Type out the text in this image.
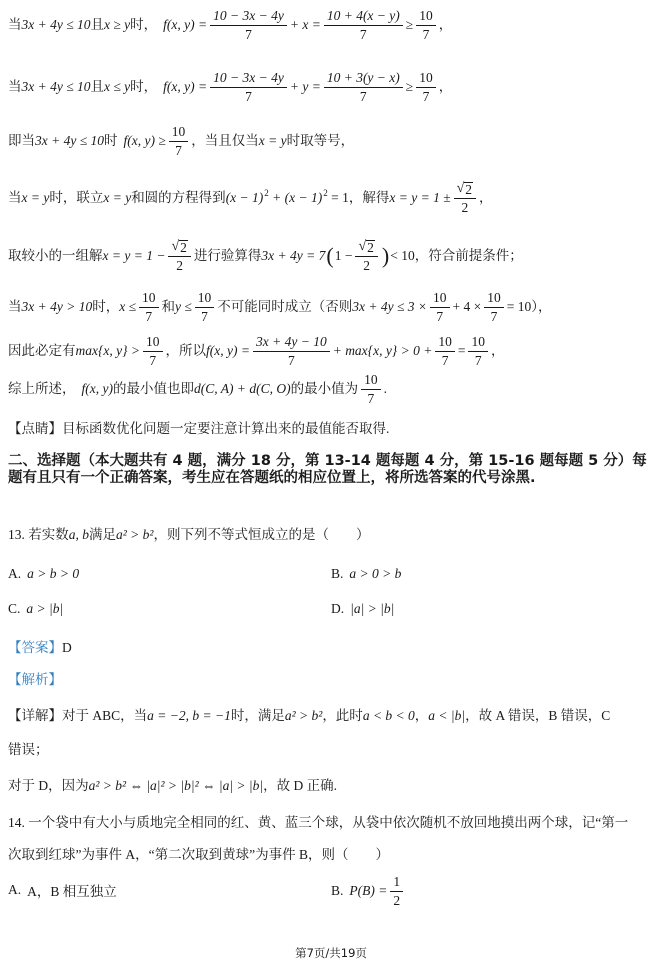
当 3x + 4y ≤ 10 且 x ≥ y 时， f(x, $y) = \frac{10 - 3x - 4y}{7} + x = \frac{10 + 4(x - y)}{7} \ge \frac{10}{7}$ ，
当 3x + 4y ≤ 10 且 x ≤ y 时， f(x, $y) = \frac{10 - 3x - 4y}{7} + y = \frac{10 + 3(y - x)}{7} \ge \frac{10}{7}$ ，
即当 3x + 4y ≤ 10 时 f(x, $y) \ge \frac{10}{7}$ ，当且仅当 x = y 时取等号，
当 x = y 时，联立 x = y 和圆的方程得到 $(x - 1)^2 + (x - 1)^2 = 1$ ，解得 $x = y = 1 \pm \frac{√ 2}{2}$ ，
取较小的一组解 $x = y = 1 - \frac{√ 2}{2}$ 进行验算得 3x + 4y = 7 ( $1 - \frac{√ 2}{2}$ ) < 10 ，符合前提条件；
当 3x + 4y > 10 时， $x \le \frac{10}{7}$ 和 $y \le \frac{10}{7}$ 不可能同时成立（否则 $3x + 4y \le 3 \times \frac{10}{7} + 4 \times \frac{10}{7} = 10$ ），
因此必定有 max{x, $y\} > \frac{10}{7}$ ，所以 f(x, $y) = \frac{3x + 4y - 10}{7} + \max\{x$, $y\} > 0 + \frac{10}{7} = \frac{10}{7}$ ，
综上所述， f(x, y) 的最小值也即 d(C, A) + d(C, O) 的最小值为 $\frac{10}{7}$ .
【点睛】目标函数优化问题一定要注意计算出来的最值能否取得.
二、选择题（本大题共有 4 题，满分 18 分，第 13-14 题每题 4 分，第 15-16 题每题 5 分）每题有且只有一个正确答案，考生应在答题纸的相应位置上，将所选答案的代号涂黑.
13. 若实数 a, b 满足 a² > b² ，则下列不等式恒成立的是（　　）
A. a > b > 0	B. a > 0 > b
C. a > |b|	D. |a| > |b|
【答案】 D
【解析】
【详解】对于 ABC，当 a = −2, b = −1 时，满足 a² > b² ，此时 a < b < 0 ， a < |b| ，故 A 错误，B 错误，C
错误；
对于 D，因为 a² > b² ⇔ |a|² > |b|² ⇔ |a| > |b| ，故 D 正确.
14. 一个袋中有大小与质地完全相同的红、黄、蓝三个球，从袋中依次随机不放回地摸出两个球，记“第一
次取到红球”为事件 A，“第二次取到黄球”为事件 B，则（　　）
A. A，B 相互独立	B. $P(B) = \frac{1}{2}$
第7页/共19页
